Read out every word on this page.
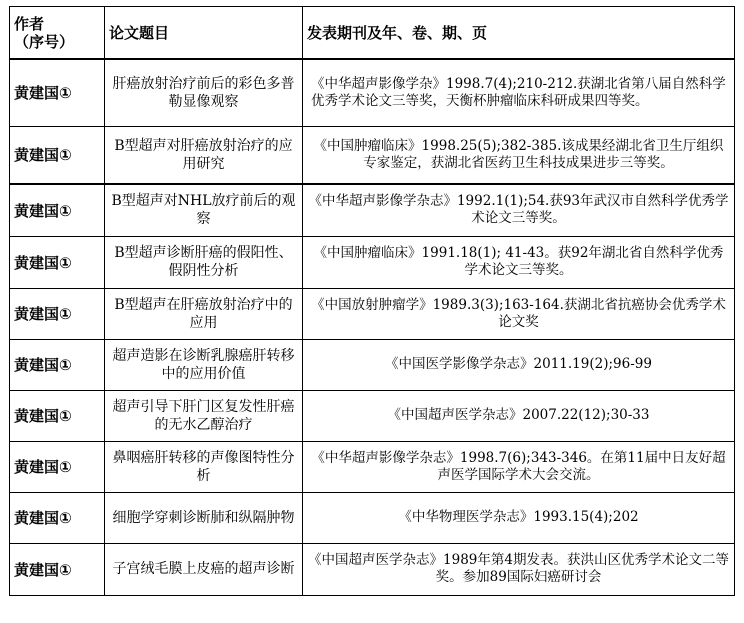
作者
（序号）	论文题目	发表期刊及年、卷、期、页
黄建国①	肝癌放射治疗前后的彩色多普勒显像观察	《中华超声影像学杂》1998.7(4);210-212.获湖北省第八届自然科学优秀学术论文三等奖，天衡杯肿瘤临床科研成果四等奖。
黄建国①	B型超声对肝癌放射治疗的应用研究	《中国肿瘤临床》1998.25(5);382-385.该成果经湖北省卫生厅组织专家鉴定，获湖北省医药卫生科技成果进步三等奖。
黄建国①	B型超声对NHL放疗前后的观察	《中华超声影像学杂志》1992.1(1);54.获93年武汉市自然科学优秀学术论文三等奖。
黄建国①	B型超声诊断肝癌的假阳性、假阴性分析	《中国肿瘤临床》1991.18(1); 41-43。获92年湖北省自然科学优秀学术论文三等奖。
黄建国①	B型超声在肝癌放射治疗中的应用	《中国放射肿瘤学》1989.3(3);163-164.获湖北省抗癌协会优秀学术论文奖
黄建国①	超声造影在诊断乳腺癌肝转移中的应用价值	《中国医学影像学杂志》2011.19(2);96-99
黄建国①	超声引导下肝门区复发性肝癌的无水乙醇治疗	《中国超声医学杂志》2007.22(12);30-33
黄建国①	鼻咽癌肝转移的声像图特性分析	《中华超声影像学杂志》1998.7(6);343-346。在第11届中日友好超声医学国际学术大会交流。
黄建国①	细胞学穿刺诊断肺和纵隔肿物	《中华物理医学杂志》1993.15(4);202
黄建国①	子宫绒毛膜上皮癌的超声诊断	《中国超声医学杂志》1989年第4期发表。获洪山区优秀学术论文二等奖。参加89国际妇癌研讨会
